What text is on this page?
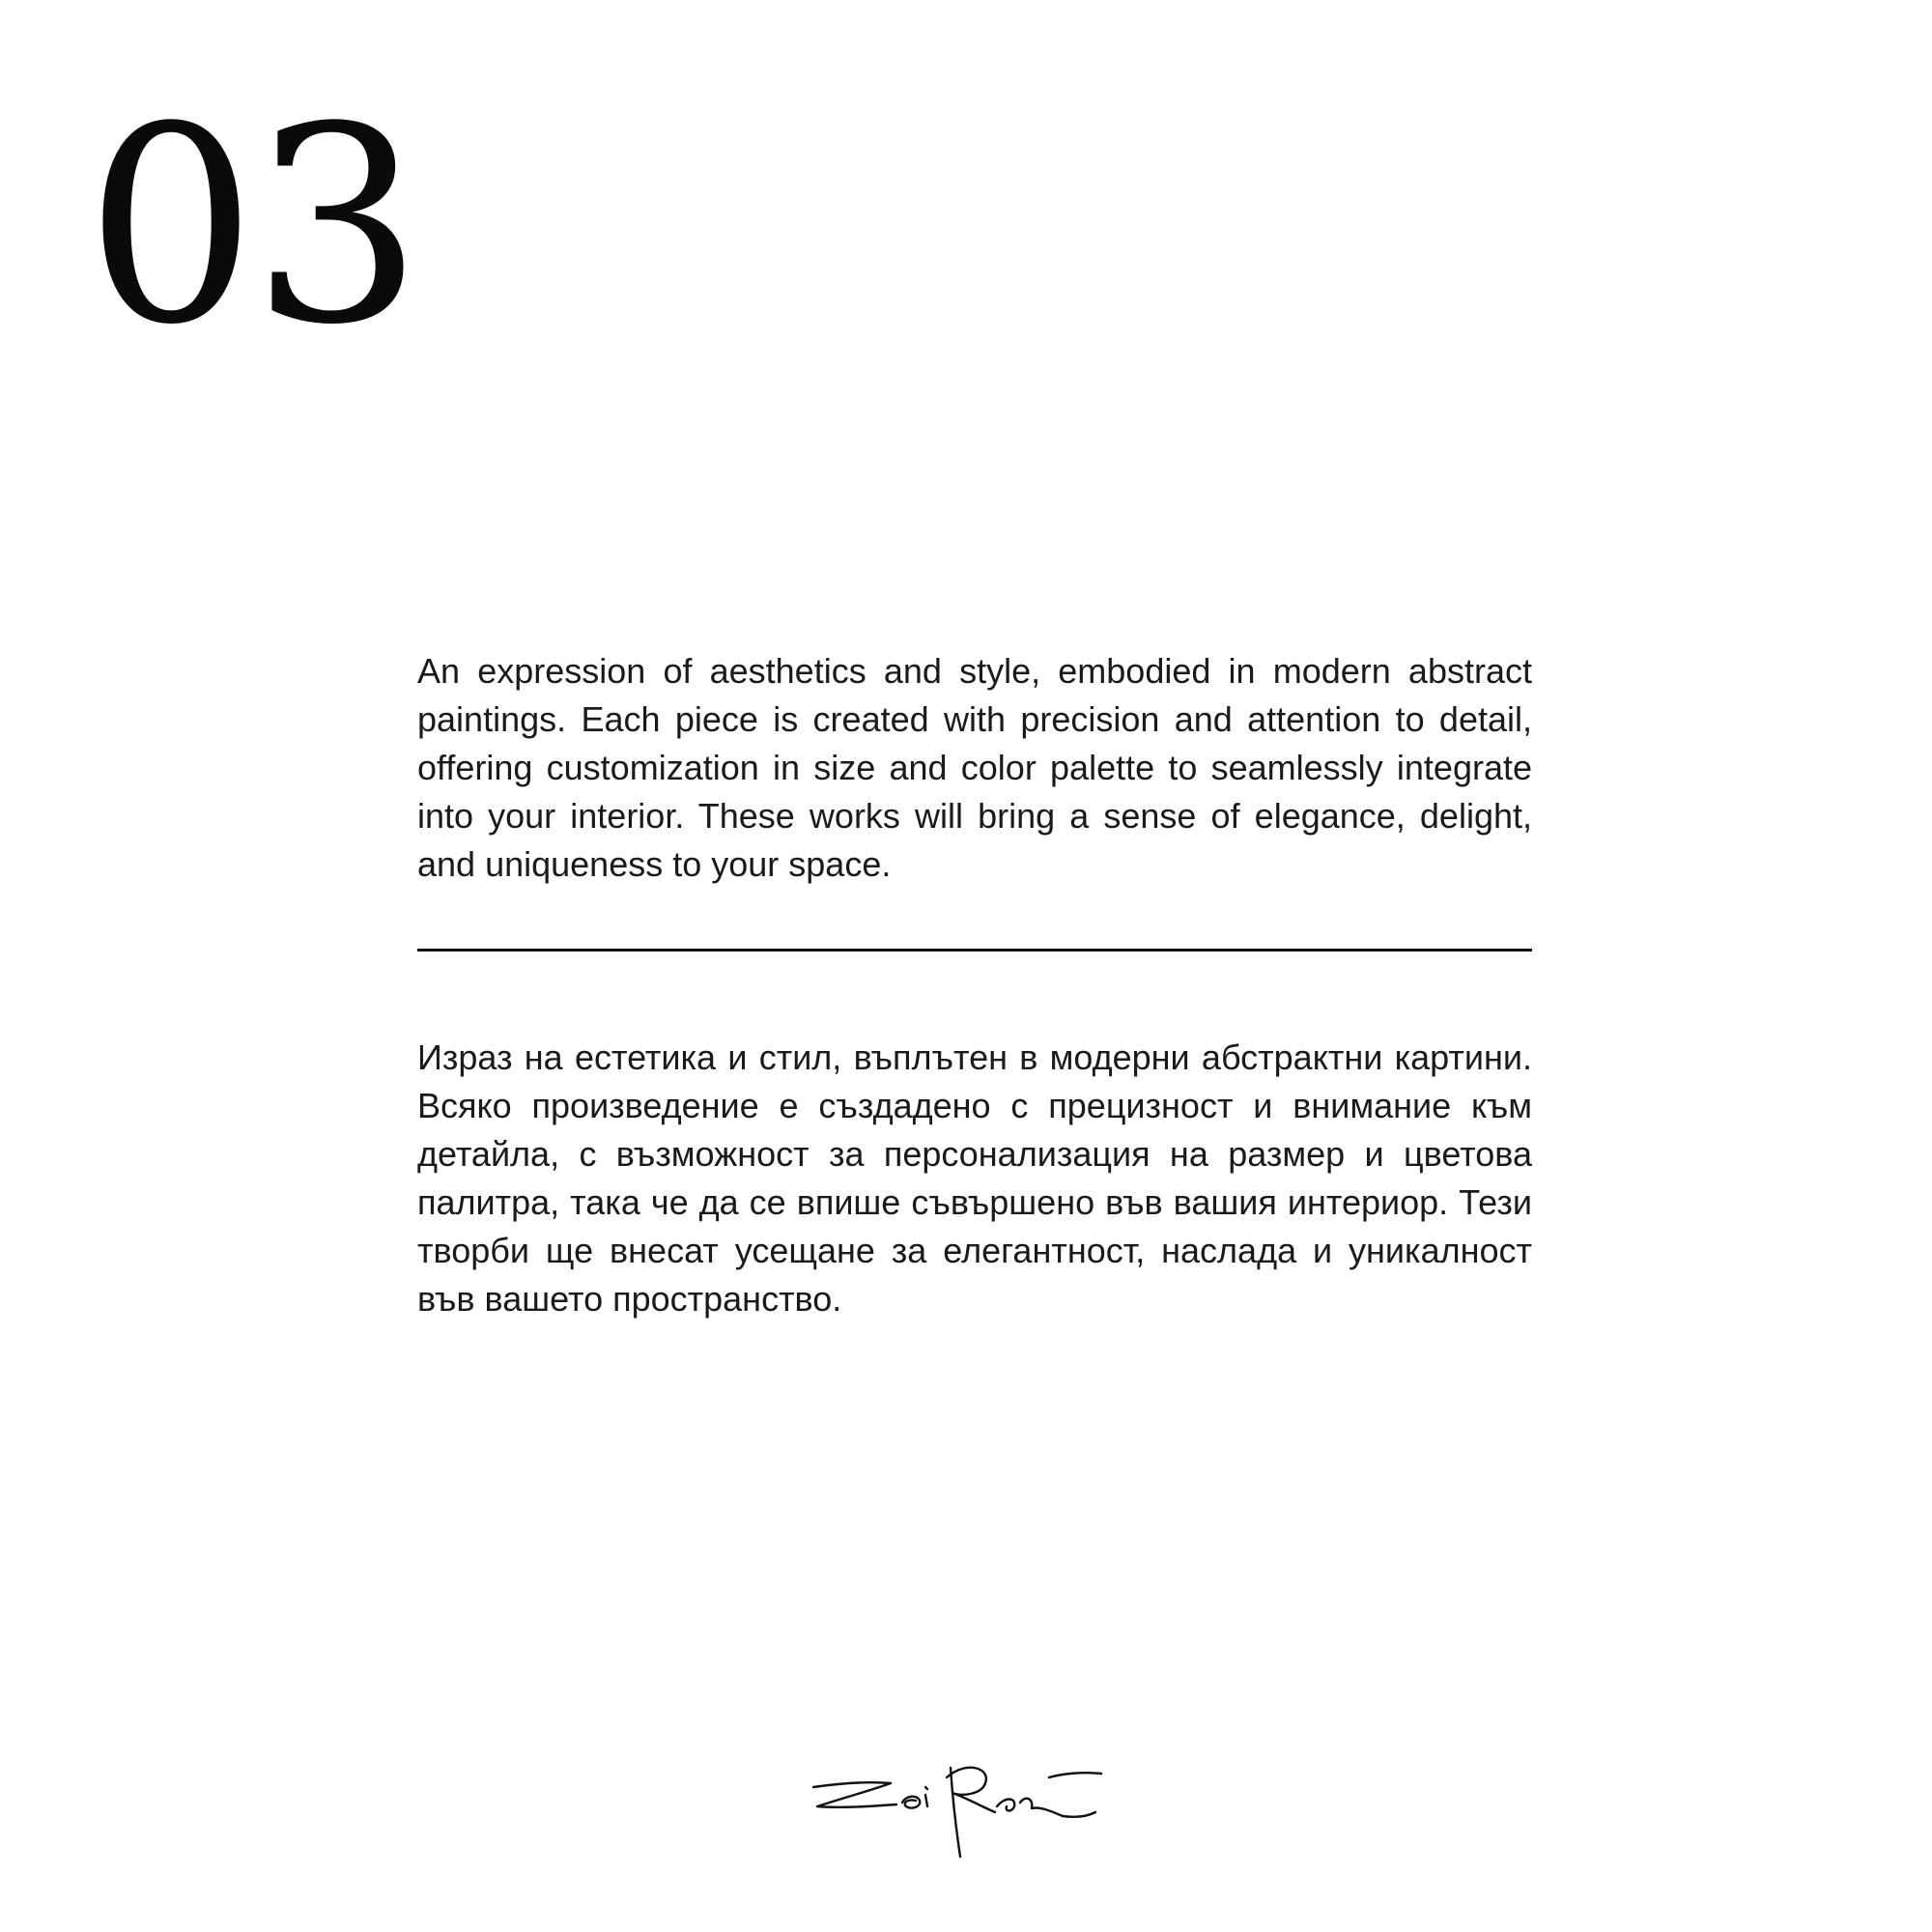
03

An expression of aesthetics and style, embodied in modern abstract paintings. Each piece is created with precision and attention to detail, offering customization in size and color palette to seamlessly integrate into your interior. These works will bring a sense of elegance, delight, and uniqueness to your space.

Израз на естетика и стил, въплътен в модерни абстрактни картини. Всяко произведение е създадено с прецизност и внимание към детайла, с възможност за персонализация на размер и цветова палитра, така че да се впише съвършено във вашия интериор. Тези творби ще внесат усещане за елегантност, наслада и уникалност във вашето пространство.
